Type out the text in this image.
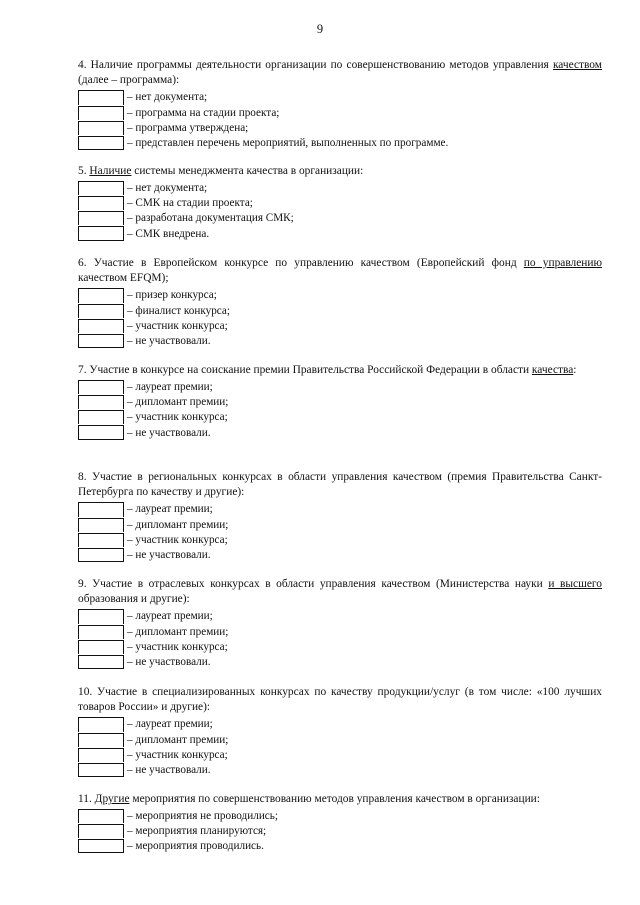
9

4. Наличие программы деятельности организации по совершенствованию методов управления качеством (далее – программа):

– нет документа;
– программа на стадии проекта;
– программа утверждена;
– представлен перечень мероприятий, выполненных по программе.

5. Наличие системы менеджмента качества в организации:

– нет документа;
– СМК на стадии проекта;
– разработана документация СМК;
– СМК внедрена.

6. Участие в Европейском конкурсе по управлению качеством (Европейский фонд по управлению качеством EFQM);

– призер конкурса;
– финалист конкурса;
– участник конкурса;
– не участвовали.

7. Участие в конкурсе на соискание премии Правительства Российской Федерации в области качества:

– лауреат премии;
– дипломант премии;
– участник конкурса;
– не участвовали.

8. Участие в региональных конкурсах в области управления качеством (премия Правительства Санкт-Петербурга по качеству и другие):

– лауреат премии;
– дипломант премии;
– участник конкурса;
– не участвовали.

9. Участие в отраслевых конкурсах в области управления качеством (Министерства науки и высшего образования и другие):

– лауреат премии;
– дипломант премии;
– участник конкурса;
– не участвовали.

10. Участие в специализированных конкурсах по качеству продукции/услуг (в том числе: «100 лучших товаров России» и другие):

– лауреат премии;
– дипломант премии;
– участник конкурса;
– не участвовали.

11. Другие мероприятия по совершенствованию методов управления качеством в организации:

– мероприятия не проводились;
– мероприятия планируются;
– мероприятия проводились.
